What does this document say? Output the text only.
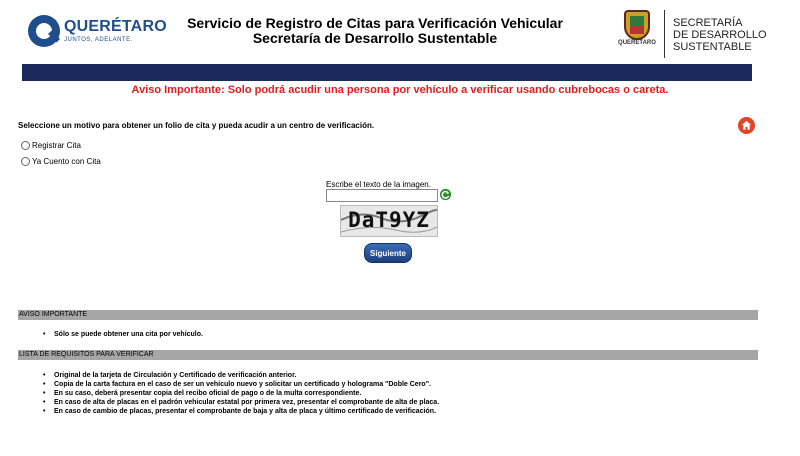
QUERÉTARO
JUNTOS, ADELANTE.
Servicio de Registro de Citas para Verificación Vehicular
Secretaría de Desarrollo Sustentable	QUERÉTARO
SECRETARÍA
DE DESARROLLO
SUSTENTABLE
Aviso Importante: Solo podrá acudir una persona por vehículo a verificar usando cubrebocas o careta.
Seleccione un motivo para obtener un folio de cita y pueda acudir a un centro de verificación.
Registrar Cita
Ya Cuento con Cita
Escribe el texto de la imagen.
DaT9YZ
Siguiente
AVISO IMPORTANTE
• Sólo se puede obtener una cita por vehículo.
LISTA DE REQUISITOS PARA VERIFICAR
• Original de la tarjeta de Circulación y Certificado de verificación anterior.
• Copia de la carta factura en el caso de ser un vehículo nuevo y solicitar un certificado y holograma "Doble Cero".
• En su caso, deberá presentar copia del recibo oficial de pago o de la multa correspondiente.
• En caso de alta de placas en el padrón vehicular estatal por primera vez, presentar el comprobante de alta de placa.
• En caso de cambio de placas, presentar el comprobante de baja y alta de placa y último certificado de verificación.
